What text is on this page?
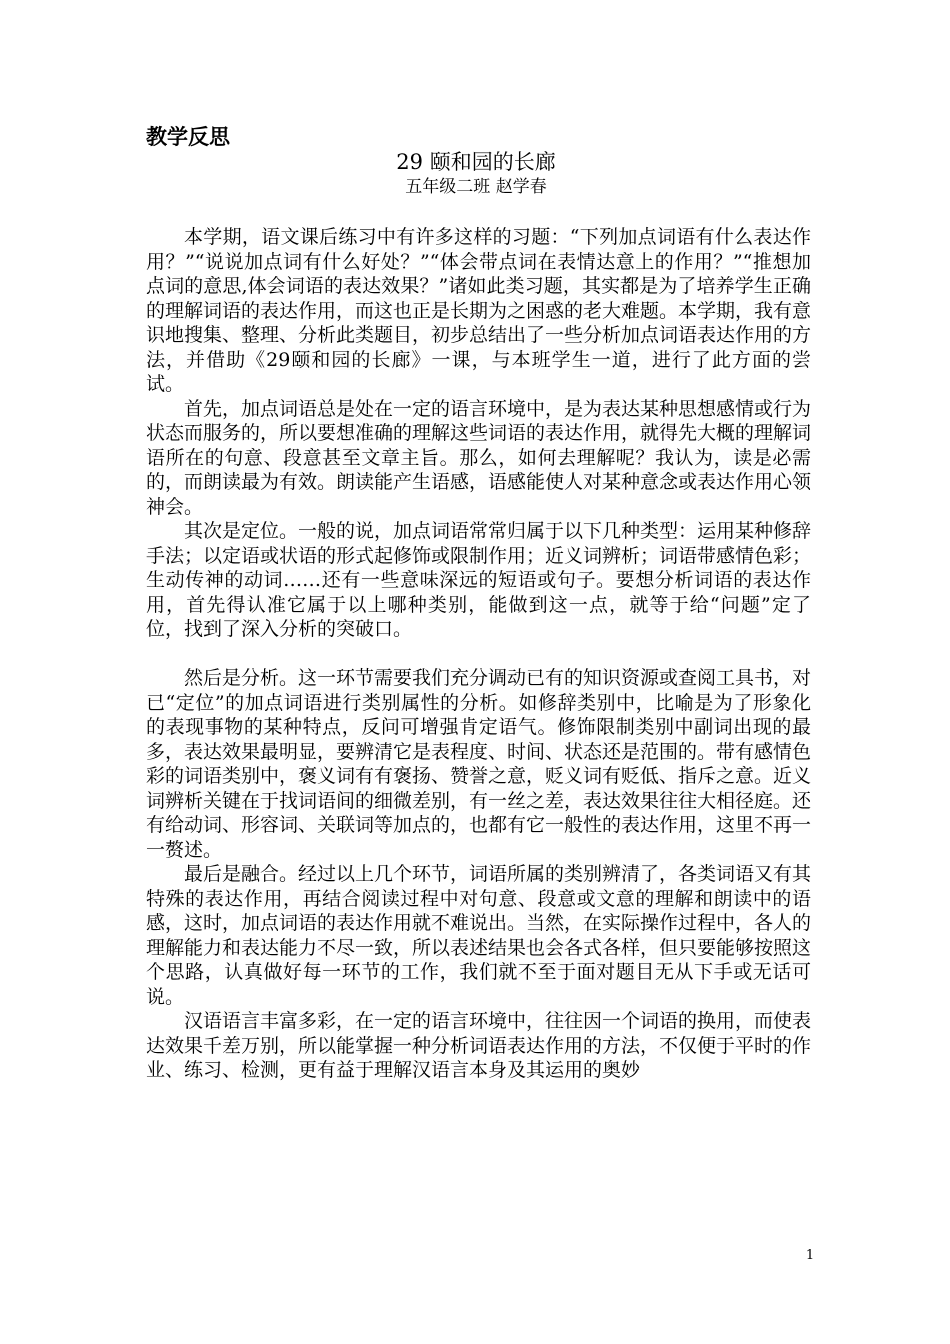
教学反思
29 颐和园的长廊
五年级二班 赵学春

本学期，语文课后练习中有许多这样的习题：“下列加点词语有什么表达作用？”“说说加点词有什么好处？”“体会带点词在表情达意上的作用？”“推想加点词的意思,体会词语的表达效果？”诸如此类习题，其实都是为了培养学生正确的理解词语的表达作用，而这也正是长期为之困惑的老大难题。本学期，我有意识地搜集、整理、分析此类题目，初步总结出了一些分析加点词语表达作用的方法，并借助《29颐和园的长廊》一课，与本班学生一道，进行了此方面的尝试。

首先，加点词语总是处在一定的语言环境中，是为表达某种思想感情或行为状态而服务的，所以要想准确的理解这些词语的表达作用，就得先大概的理解词语所在的句意、段意甚至文章主旨。那么，如何去理解呢？我认为，读是必需的，而朗读最为有效。朗读能产生语感，语感能使人对某种意念或表达作用心领神会。

其次是定位。一般的说，加点词语常常归属于以下几种类型：运用某种修辞手法；以定语或状语的形式起修饰或限制作用；近义词辨析；词语带感情色彩；生动传神的动词……还有一些意味深远的短语或句子。要想分析词语的表达作用，首先得认准它属于以上哪种类别，能做到这一点，就等于给“问题”定了位，找到了深入分析的突破口。

然后是分析。这一环节需要我们充分调动已有的知识资源或查阅工具书，对已“定位”的加点词语进行类别属性的分析。如修辞类别中，比喻是为了形象化的表现事物的某种特点，反问可增强肯定语气。修饰限制类别中副词出现的最多，表达效果最明显，要辨清它是表程度、时间、状态还是范围的。带有感情色彩的词语类别中，褒义词有有褒扬、赞誉之意，贬义词有贬低、指斥之意。近义词辨析关键在于找词语间的细微差别，有一丝之差，表达效果往往大相径庭。还有给动词、形容词、关联词等加点的，也都有它一般性的表达作用，这里不再一一赘述。

最后是融合。经过以上几个环节，词语所属的类别辨清了，各类词语又有其特殊的表达作用，再结合阅读过程中对句意、段意或文意的理解和朗读中的语感，这时，加点词语的表达作用就不难说出。当然，在实际操作过程中，各人的理解能力和表达能力不尽一致，所以表述结果也会各式各样，但只要能够按照这个思路，认真做好每一环节的工作，我们就不至于面对题目无从下手或无话可说。

汉语语言丰富多彩，在一定的语言环境中，往往因一个词语的换用，而使表达效果千差万别，所以能掌握一种分析词语表达作用的方法，不仅便于平时的作业、练习、检测，更有益于理解汉语言本身及其运用的奥妙

1
